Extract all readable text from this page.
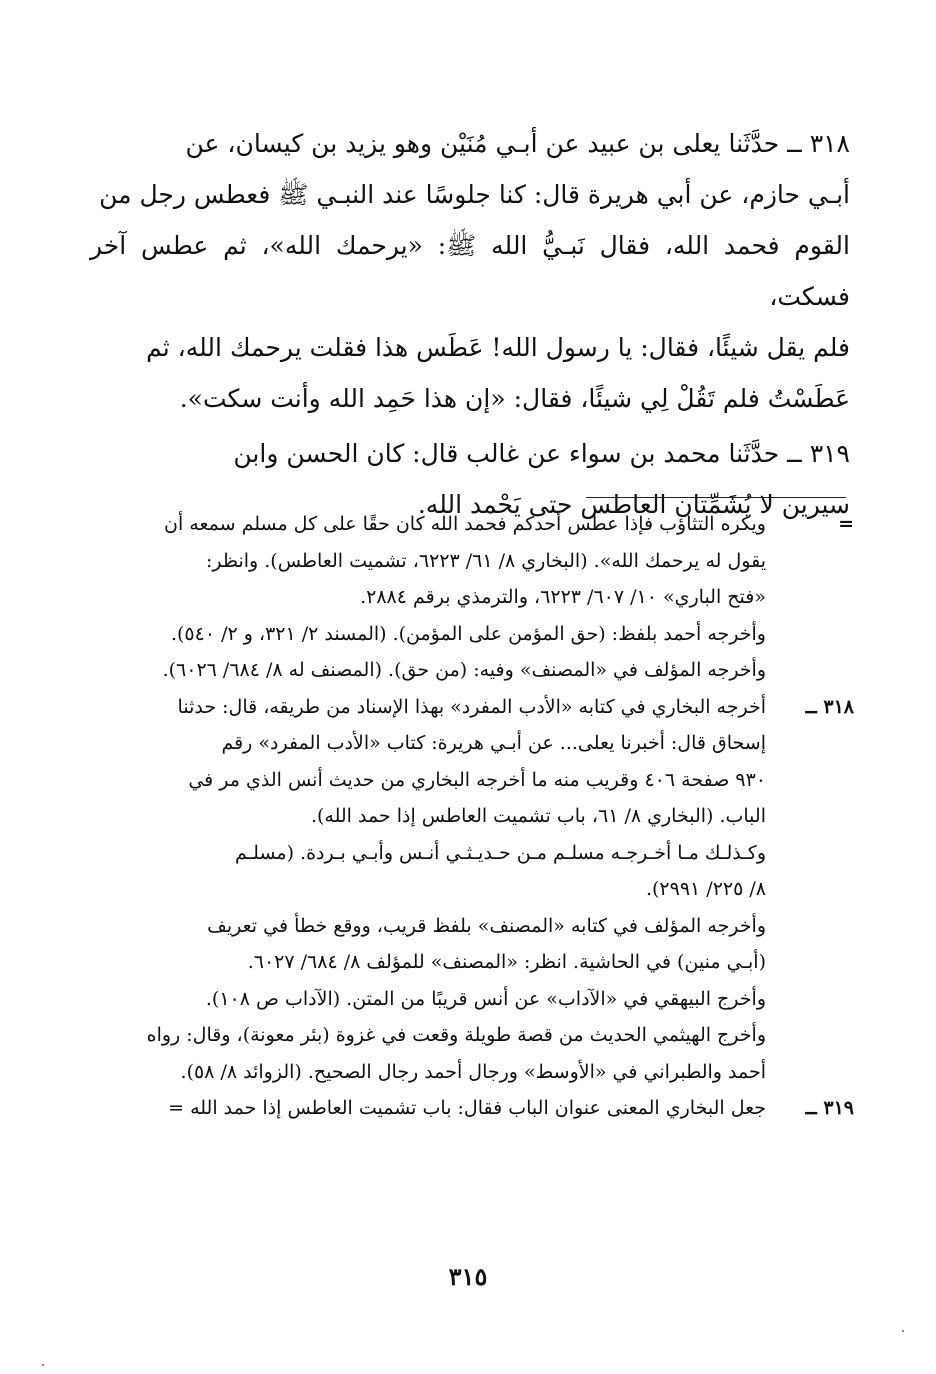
٣١٨ ــ حدَّثَنا يعلى بن عبيد عن أبـي مُنَيْن وهو يزيد بن كيسان، عن
أبـي حازم، عن أبي هريرة قال: كنا جلوسًا عند النبـي ﷺ فعطس رجل من
القوم فحمد الله، فقال نَبـيُّ الله ﷺ: «يرحمك الله»، ثم عطس آخر فسكت،
فلم يقل شيئًا، فقال: يا رسول الله! عَطَس هذا فقلت يرحمك الله، ثم
عَطَسْتُ فلم تَقُلْ لِي شيئًا، فقال: «إن هذا حَمِد الله وأنت سكت».

٣١٩ ــ حدَّثَنا محمد بن سواء عن غالب قال: كان الحسن وابن
سيرين لا يُشَمِّتان العاطس حتى يَحْمد الله.

=

ويكره التثاؤب فإذا عطس أحدكم فحمد الله كان حقًا على كل مسلم سمعه أن
يقول له يرحمك الله». (البخاري ٨/ ٦١/ ٦٢٢٣، تشميت العاطس). وانظر:
«فتح الباري» ١٠/ ٦٠٧/ ٦٢٢٣، والترمذي برقم ٢٨٨٤.
وأخرجه أحمد بلفظ: (حق المؤمن على المؤمن). (المسند ٢/ ٣٢١، و ٢/ ٥٤٠).
وأخرجه المؤلف في «المصنف» وفيه: (من حق). (المصنف له ٨/ ٦٨٤/ ٦٠٢٦).

٣١٨ ــ

أخرجه البخاري في كتابه «الأدب المفرد» بهذا الإسناد من طريقه، قال: حدثنا
إسحاق قال: أخبرنا يعلى... عن أبـي هريرة: كتاب «الأدب المفرد» رقم
٩٣٠ صفحة ٤٠٦ وقريب منه ما أخرجه البخاري من حديث أنس الذي مر في
الباب. (البخاري ٨/ ٦١، باب تشميت العاطس إذا حمد الله).
وكـذلـك مـا أخـرجـه مسلـم مـن حـديـثـي أنـس وأبـي بـردة. (مسلـم
٨/ ٢٢٥/ ٢٩٩١).
وأخرجه المؤلف في كتابه «المصنف» بلفظ قريب، ووقع خطأ في تعريف
(أبـي منين) في الحاشية. انظر: «المصنف» للمؤلف ٨/ ٦٨٤/ ٦٠٢٧.
وأخرج البيهقي في «الآداب» عن أنس قريبًا من المتن. (الآداب ص ١٠٨).
وأخرج الهيثمي الحديث من قصة طويلة وقعت في غزوة (بئر معونة)، وقال: رواه
أحمد والطبراني في «الأوسط» ورجال أحمد رجال الصحيح. (الزوائد ٨/ ٥٨).

٣١٩ ــ

جعل البخاري المعنى عنوان الباب فقال: باب تشميت العاطس إذا حمد الله =

٣١٥
